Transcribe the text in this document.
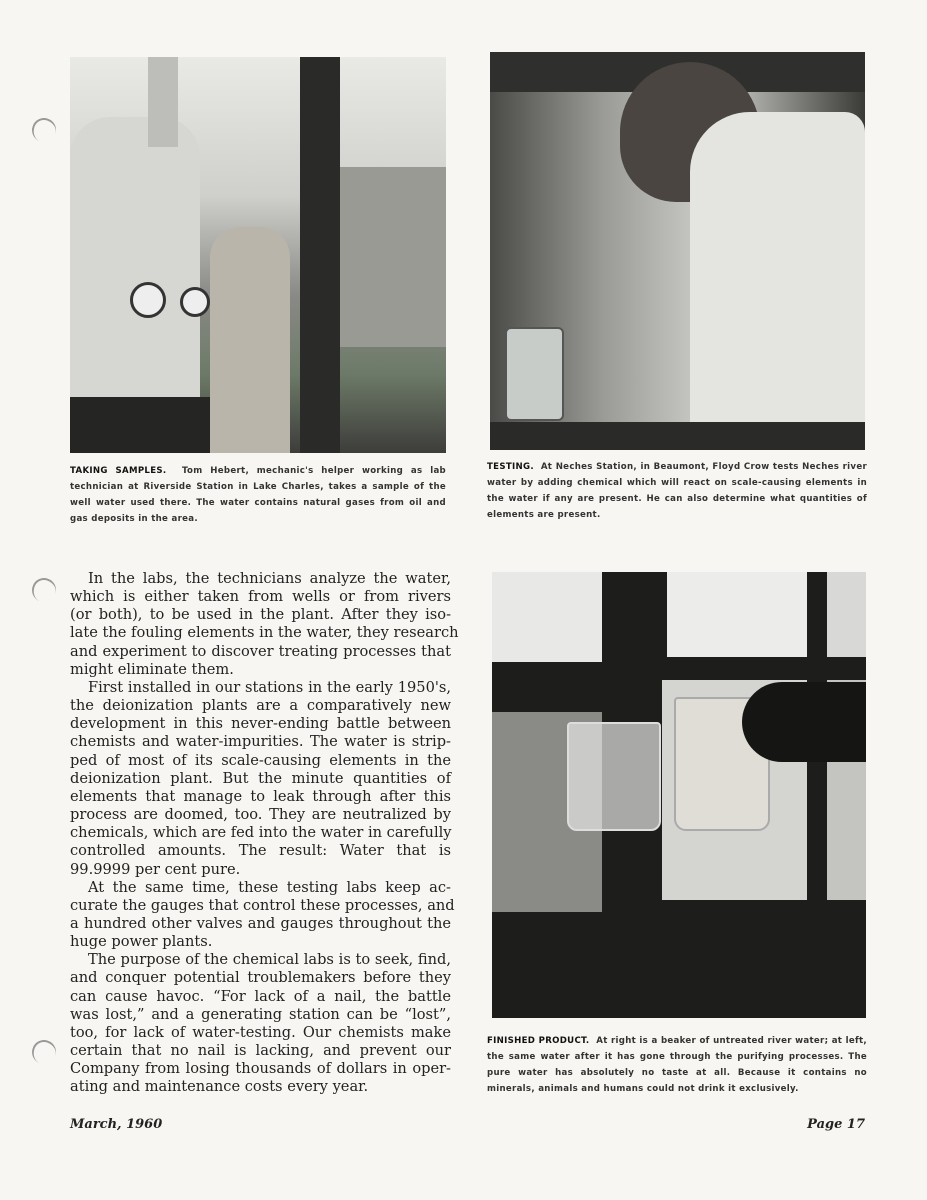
TAKING SAMPLES. Tom Hebert, mechanic's helper working as lab technician at Riverside Station in Lake Charles, takes a sample of the well water used there. The water contains natural gases from oil and gas deposits in the area.
TESTING. At Neches Station, in Beaumont, Floyd Crow tests Neches river water by adding chemical which will react on scale-causing elements in the water if any are present. He can also determine what quantities of elements are present.
In the labs, the technicians analyze the water,
which is either taken from wells or from rivers
(or both), to be used in the plant. After they iso-
late the fouling elements in the water, they research
and experiment to discover treating processes that
might eliminate them.
First installed in our stations in the early 1950's,
the deionization plants are a comparatively new
development in this never-ending battle between
chemists and water-impurities. The water is strip-
ped of most of its scale-causing elements in the
deionization plant. But the minute quantities of
elements that manage to leak through after this
process are doomed, too. They are neutralized by
chemicals, which are fed into the water in carefully
controlled amounts. The result: Water that is
99.9999 per cent pure.
At the same time, these testing labs keep ac-
curate the gauges that control these processes, and
a hundred other valves and gauges throughout the
huge power plants.
The purpose of the chemical labs is to seek, find,
and conquer potential troublemakers before they
can cause havoc. “For lack of a nail, the battle
was lost,” and a generating station can be “lost”,
too, for lack of water-testing. Our chemists make
certain that no nail is lacking, and prevent our
Company from losing thousands of dollars in oper-
ating and maintenance costs every year.
FINISHED PRODUCT. At right is a beaker of untreated river water; at left, the same water after it has gone through the purifying processes. The pure water has absolutely no taste at all. Because it contains no minerals, animals and humans could not drink it exclusively.
March, 1960	Page 17
